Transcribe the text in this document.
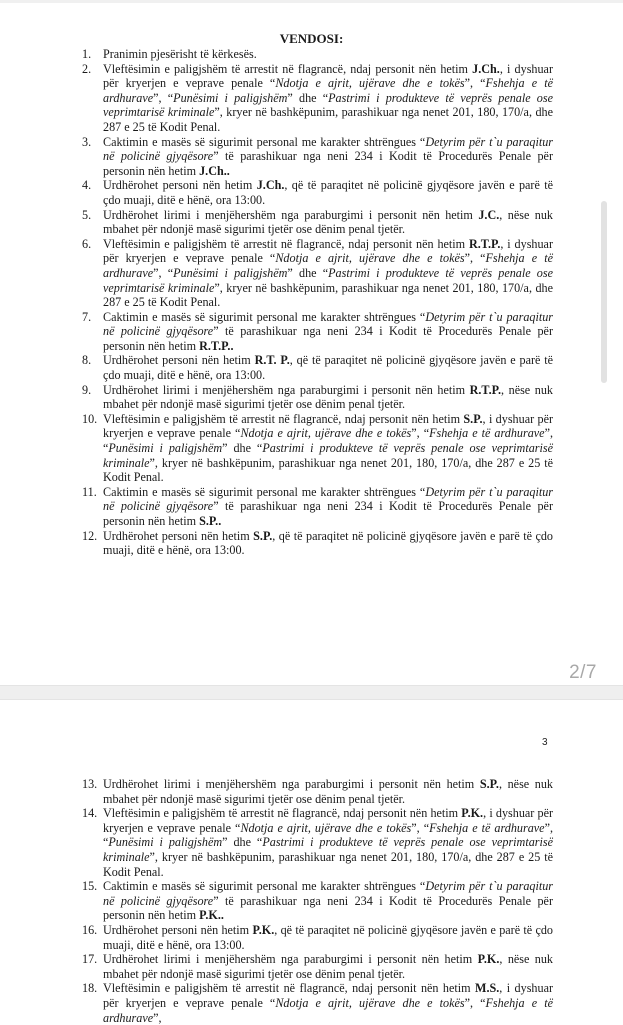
VENDOSI:
1. Pranimin pjesërisht të kërkesës.
2. Vleftësimin e paligjshëm të arrestit në flagrancë, ndaj personit nën hetim J.Ch., i dyshuar për kryerjen e veprave penale “Ndotja e ajrit, ujërave dhe e tokës”, “Fshehja e të ardhurave”, “Punësimi i paligjshëm” dhe “Pastrimi i produkteve të veprës penale ose veprimtarisë kriminale”, kryer në bashkëpunim, parashikuar nga nenet 201, 180, 170/a, dhe 287 e 25 të Kodit Penal.
3. Caktimin e masës së sigurimit personal me karakter shtrëngues “Detyrim për t`u paraqitur në policinë gjyqësore” të parashikuar nga neni 234 i Kodit të Procedurës Penale për personin nën hetim J.Ch..
4. Urdhërohet personi nën hetim J.Ch., që të paraqitet në policinë gjyqësore javën e parë të çdo muaji, ditë e hënë, ora 13:00.
5. Urdhërohet lirimi i menjëhershëm nga paraburgimi i personit nën hetim J.C., nëse nuk mbahet për ndonjë masë sigurimi tjetër ose dënim penal tjetër.
6. Vleftësimin e paligjshëm të arrestit në flagrancë, ndaj personit nën hetim R.T.P., i dyshuar për kryerjen e veprave penale “Ndotja e ajrit, ujërave dhe e tokës”, “Fshehja e të ardhurave”, “Punësimi i paligjshëm” dhe “Pastrimi i produkteve të veprës penale ose veprimtarisë kriminale”, kryer në bashkëpunim, parashikuar nga nenet 201, 180, 170/a, dhe 287 e 25 të Kodit Penal.
7. Caktimin e masës së sigurimit personal me karakter shtrëngues “Detyrim për t`u paraqitur në policinë gjyqësore” të parashikuar nga neni 234 i Kodit të Procedurës Penale për personin nën hetim R.T.P..
8. Urdhërohet personi nën hetim R.T. P., që të paraqitet në policinë gjyqësore javën e parë të çdo muaji, ditë e hënë, ora 13:00.
9. Urdhërohet lirimi i menjëhershëm nga paraburgimi i personit nën hetim R.T.P., nëse nuk mbahet për ndonjë masë sigurimi tjetër ose dënim penal tjetër.
10. Vleftësimin e paligjshëm të arrestit në flagrancë, ndaj personit nën hetim S.P., i dyshuar për kryerjen e veprave penale “Ndotja e ajrit, ujërave dhe e tokës”, “Fshehja e të ardhurave”, “Punësimi i paligjshëm” dhe “Pastrimi i produkteve të veprës penale ose veprimtarisë kriminale”, kryer në bashkëpunim, parashikuar nga nenet 201, 180, 170/a, dhe 287 e 25 të Kodit Penal.
11. Caktimin e masës së sigurimit personal me karakter shtrëngues “Detyrim për t`u paraqitur në policinë gjyqësore” të parashikuar nga neni 234 i Kodit të Procedurës Penale për personin nën hetim S.P..
12. Urdhërohet personi nën hetim S.P., që të paraqitet në policinë gjyqësore javën e parë të çdo muaji, ditë e hënë, ora 13:00.
2/7
3
13. Urdhërohet lirimi i menjëhershëm nga paraburgimi i personit nën hetim S.P., nëse nuk mbahet për ndonjë masë sigurimi tjetër ose dënim penal tjetër.
14. Vleftësimin e paligjshëm të arrestit në flagrancë, ndaj personit nën hetim P.K., i dyshuar për kryerjen e veprave penale “Ndotja e ajrit, ujërave dhe e tokës”, “Fshehja e të ardhurave”, “Punësimi i paligjshëm” dhe “Pastrimi i produkteve të veprës penale ose veprimtarisë kriminale”, kryer në bashkëpunim, parashikuar nga nenet 201, 180, 170/a, dhe 287 e 25 të Kodit Penal.
15. Caktimin e masës së sigurimit personal me karakter shtrëngues “Detyrim për t`u paraqitur në policinë gjyqësore” të parashikuar nga neni 234 i Kodit të Procedurës Penale për personin nën hetim P.K..
16. Urdhërohet personi nën hetim P.K., që të paraqitet në policinë gjyqësore javën e parë të çdo muaji, ditë e hënë, ora 13:00.
17. Urdhërohet lirimi i menjëhershëm nga paraburgimi i personit nën hetim P.K., nëse nuk mbahet për ndonjë masë sigurimi tjetër ose dënim penal tjetër.
18. Vleftësimin e paligjshëm të arrestit në flagrancë, ndaj personit nën hetim M.S., i dyshuar për kryerjen e veprave penale “Ndotja e ajrit, ujërave dhe e tokës”, “Fshehja e të ardhurave”,
